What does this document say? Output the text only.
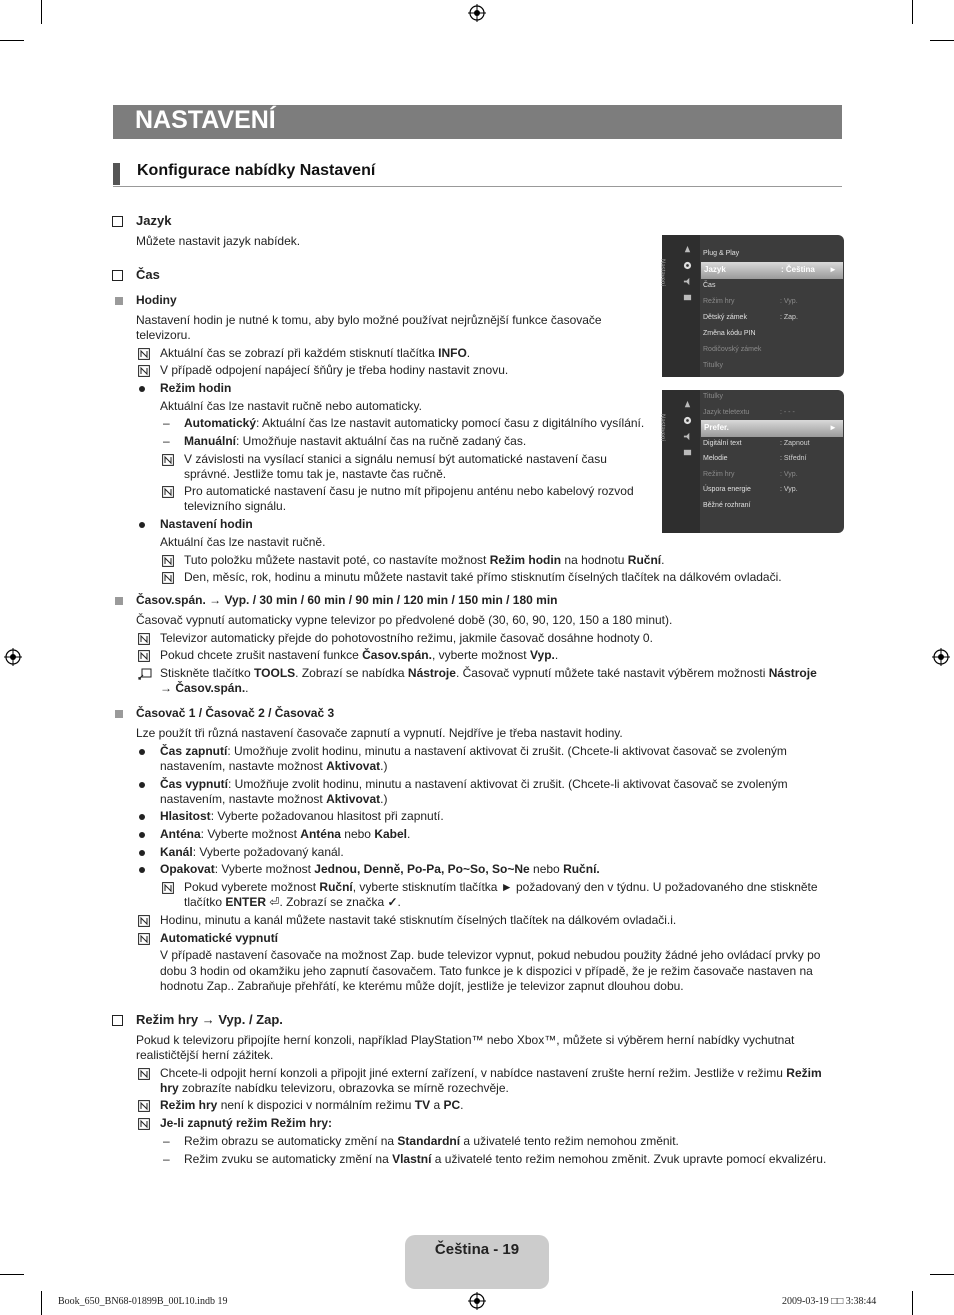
NASTAVENÍ
Konfigurace nabídky Nastavení
Jazyk
Můžete nastavit jazyk nabídek.
Čas
Hodiny
Nastavení hodin je nutné k tomu, aby bylo možné používat nejrůznější funkce časovače
televizoru.
Aktuální čas se zobrazí při každém stisknutí tlačítka INFO.
V případě odpojení napájecí šňůry je třeba hodiny nastavit znovu.
Režim hodin
Aktuální čas lze nastavit ručně nebo automaticky.
Automatický: Aktuální čas lze nastavit automaticky pomocí času z digitálního vysílání.
–
Manuální: Umožňuje nastavit aktuální čas na ručně zadaný čas.
–
V závislosti na vysílací stanici a signálu nemusí být automatické nastavení času
správné. Jestliže tomu tak je, nastavte čas ručně.
Pro automatické nastavení času je nutno mít připojenu anténu nebo kabelový rozvod
televizního signálu.
Nastavení hodin
Aktuální čas lze nastavit ručně.
Tuto položku můžete nastavit poté, co nastavíte možnost Režim hodin na hodnotu Ruční.
Den, měsíc, rok, hodinu a minutu můžete nastavit také přímo stisknutím číselných tlačítek na dálkovém ovladači.
Časov.spán. → Vyp. / 30 min / 60 min / 90 min / 120 min / 150 min / 180 min
Časovač vypnutí automaticky vypne televizor po předvolené době (30, 60, 90, 120, 150 a 180 minut).
Televizor automaticky přejde do pohotovostního režimu, jakmile časovač dosáhne hodnoty 0.
Pokud chcete zrušit nastavení funkce Časov.spán., vyberte možnost Vyp..
Stiskněte tlačítko TOOLS. Zobrazí se nabídka Nástroje. Časovač vypnutí můžete také nastavit výběrem možnosti Nástroje
→ Časov.spán..
Časovač 1 / Časovač 2 / Časovač 3
Lze použít tři různá nastavení časovače zapnutí a vypnutí. Nejdříve je třeba nastavit hodiny.
Čas zapnutí: Umožňuje zvolit hodinu, minutu a nastavení aktivovat či zrušit. (Chcete-li aktivovat časovač se zvoleným
nastavením, nastavte možnost Aktivovat.)
Čas vypnutí: Umožňuje zvolit hodinu, minutu a nastavení aktivovat či zrušit. (Chcete-li aktivovat časovač se zvoleným
nastavením, nastavte možnost Aktivovat.)
Hlasitost: Vyberte požadovanou hlasitost při zapnutí.
Anténa: Vyberte možnost Anténa nebo Kabel.
Kanál: Vyberte požadovaný kanál.
Opakovat: Vyberte možnost Jednou, Denně, Po-Pa, Po~So, So~Ne nebo Ruční.
Pokud vyberete možnost Ruční, vyberte stisknutím tlačítka ► požadovaný den v týdnu. U požadovaného dne stiskněte
tlačítko ENTER ⏎. Zobrazí se značka ✓.
Hodinu, minutu a kanál můžete nastavit také stisknutím číselných tlačítek na dálkovém ovladači.i.
Automatické vypnutí
V případě nastavení časovače na možnost Zap. bude televizor vypnut, pokud nebudou použity žádné jeho ovládací prvky po
dobu 3 hodin od okamžiku jeho zapnutí časovačem. Tato funkce je k dispozici v případě, že je režim časovače nastaven na
hodnotu Zap.. Zabraňuje přehřátí, ke kterému může dojít, jestliže je televizor zapnut dlouhou dobu.
Režim hry → Vyp. / Zap.
Pokud k televizoru připojíte herní konzoli, například PlayStation™ nebo Xbox™, můžete si výběrem herní nabídky vychutnat
realističtější herní zážitek.
Chcete-li odpojit herní konzoli a připojit jiné externí zařízení, v nabídce nastavení zrušte herní režim. Jestliže v režimu Režim
hry zobrazíte nabídku televizoru, obrazovka se mírně rozechvěje.
Režim hry není k dispozici v normálním režimu TV a PC.
Je-li zapnutý režim Režim hry:
Režim obrazu se automaticky změní na Standardní a uživatelé tento režim nemohou změnit.
–
Režim zvuku se automaticky změní na Vlastní a uživatelé tento režim nemohou změnit. Zvuk upravte pomocí ekvalizéru.
–
Nastavení
Plug & Play
Jazyk	: Čeština ►
Čas
Režim hry	: Vyp.
Dětský zámek	: Zap.
Změna kódu PIN
Rodičovský zámek
Titulky
Nastavení
Titulky
Jazyk teletextu	: - - -
Prefer.	►
Digitální text	: Zapnout
Melodie	: Střední
Režim hry	: Vyp.
Úspora energie	: Vyp.
Běžné rozhraní
Čeština - 19
Book_650_BN68-01899B_00L10.indb 19	2009-03-19 □□ 3:38:44
